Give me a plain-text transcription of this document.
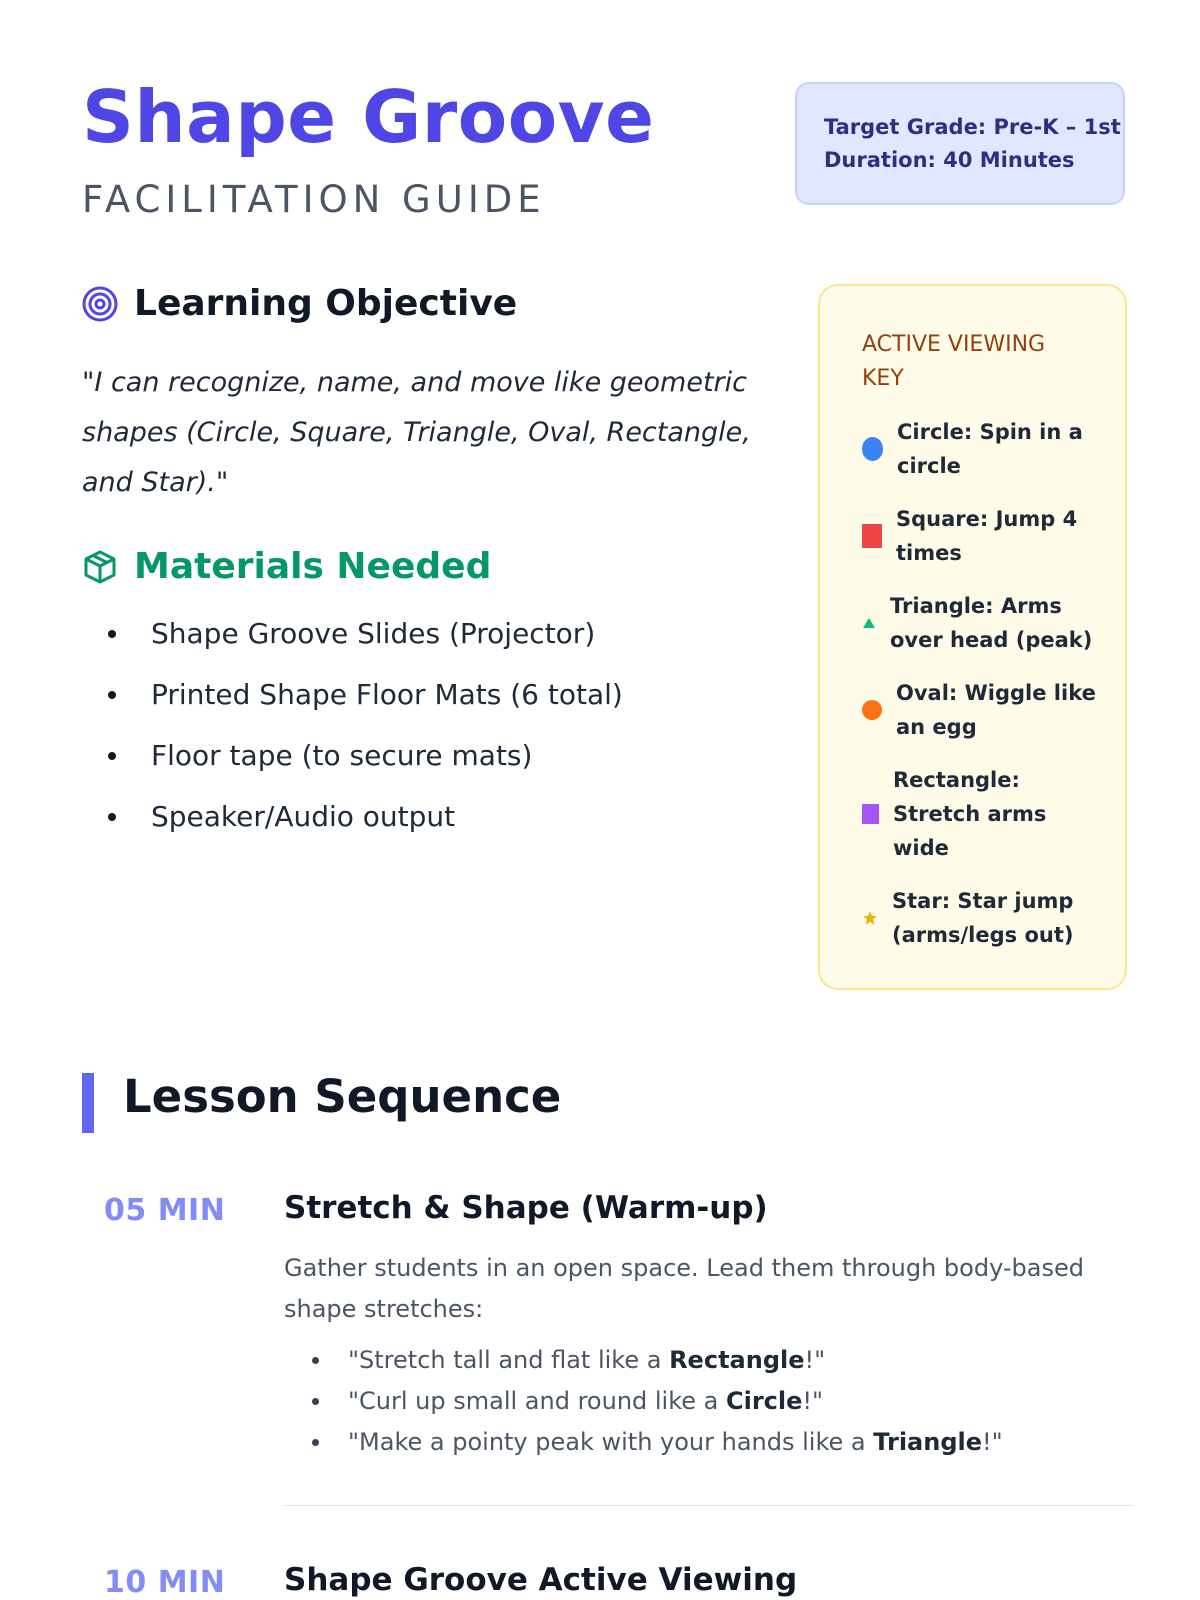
Shape Groove
FACILITATION GUIDE
Target Grade: Pre-K – 1st
Duration: 40 Minutes
Learning Objective

"I can recognize, name, and move like geometric shapes (Circle, Square, Triangle, Oval, Rectangle, and Star)."

Materials Needed
Shape Groove Slides (Projector)
Printed Shape Floor Mats (6 total)
Floor tape (to secure mats)
Speaker/Audio output
ACTIVE VIEWING KEY
Circle: Spin in a circle
Square: Jump 4 times
Triangle: Arms over head (peak)
Oval: Wiggle like an egg
Rectangle: Stretch arms wide
Star: Star jump (arms/legs out)
Lesson Sequence
05 MIN Stretch & Shape (Warm-up)

Gather students in an open space. Lead them through body-based shape stretches:

"Stretch tall and flat like a Rectangle!"
"Curl up small and round like a Circle!"
"Make a pointy peak with your hands like a Triangle!"
10 MIN Shape Groove Active Viewing
